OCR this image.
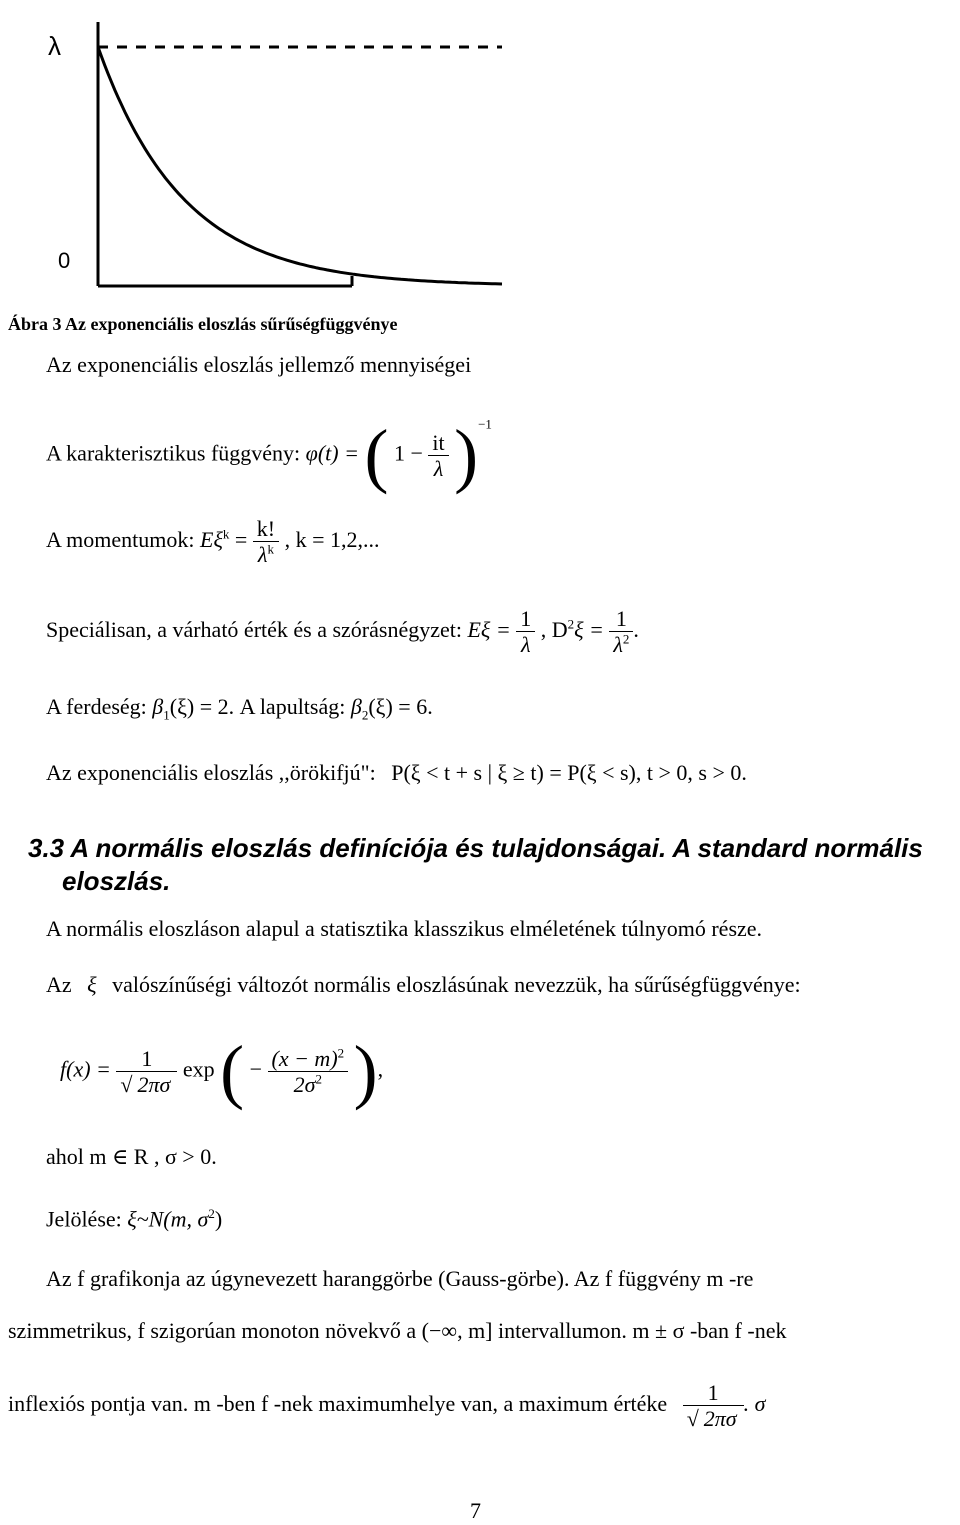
λ
0
Ábra 3 Az exponenciális eloszlás sűrűségfüggvénye
Az exponenciális eloszlás jellemző mennyiségei
A karakterisztikus függvény: φ(t) = ( $1 - \frac{it}{\lambda} )^{-1}$
A momentumok: $E\xi^k = \frac{k!}{\lambda^k}$ , k = 1,2,...
Speciálisan, a várható érték és a szórásnégyzet: $E\xi = \frac{1}{\lambda}$ , $D^2\xi = \frac{1}{\lambda^2}$ .
A ferdeség: $\beta_1(\xi) = 2$. A lapultság: $\beta_2(\xi) = 6$.
Az exponenciális eloszlás ,,örökifjú": P(ξ < t + s | ξ ≥ t) = P(ξ < s), t > 0, s > 0.
3.3 A normális eloszlás definíciója és tulajdonságai. A standard normális eloszlás.
A normális eloszláson alapul a statisztika klasszikus elméletének túlnyomó része.
Az ξ valószínűségi változót normális eloszlásúnak nevezzük, ha sűrűségfüggvénye:
$f(x) = \frac{1}{√ 2\pi\sigma}$ exp ( − $\frac{(x - m)^2}{2\sigma^2}$ ),
ahol m ∈ R , σ > 0.
Jelölése: ξ~N(m, $\sigma^2$)
Az f grafikonja az úgynevezett haranggörbe (Gauss-görbe). Az f függvény m -re
szimmetrikus, f szigorúan monoton növekvő a (−∞, m] intervallumon. m ± σ -ban f -nek
inflexiós pontja van. m -ben f -nek maximumhelye van, a maximum értéke $\frac{1}{√ 2\pi\sigma}$ . σ
7
